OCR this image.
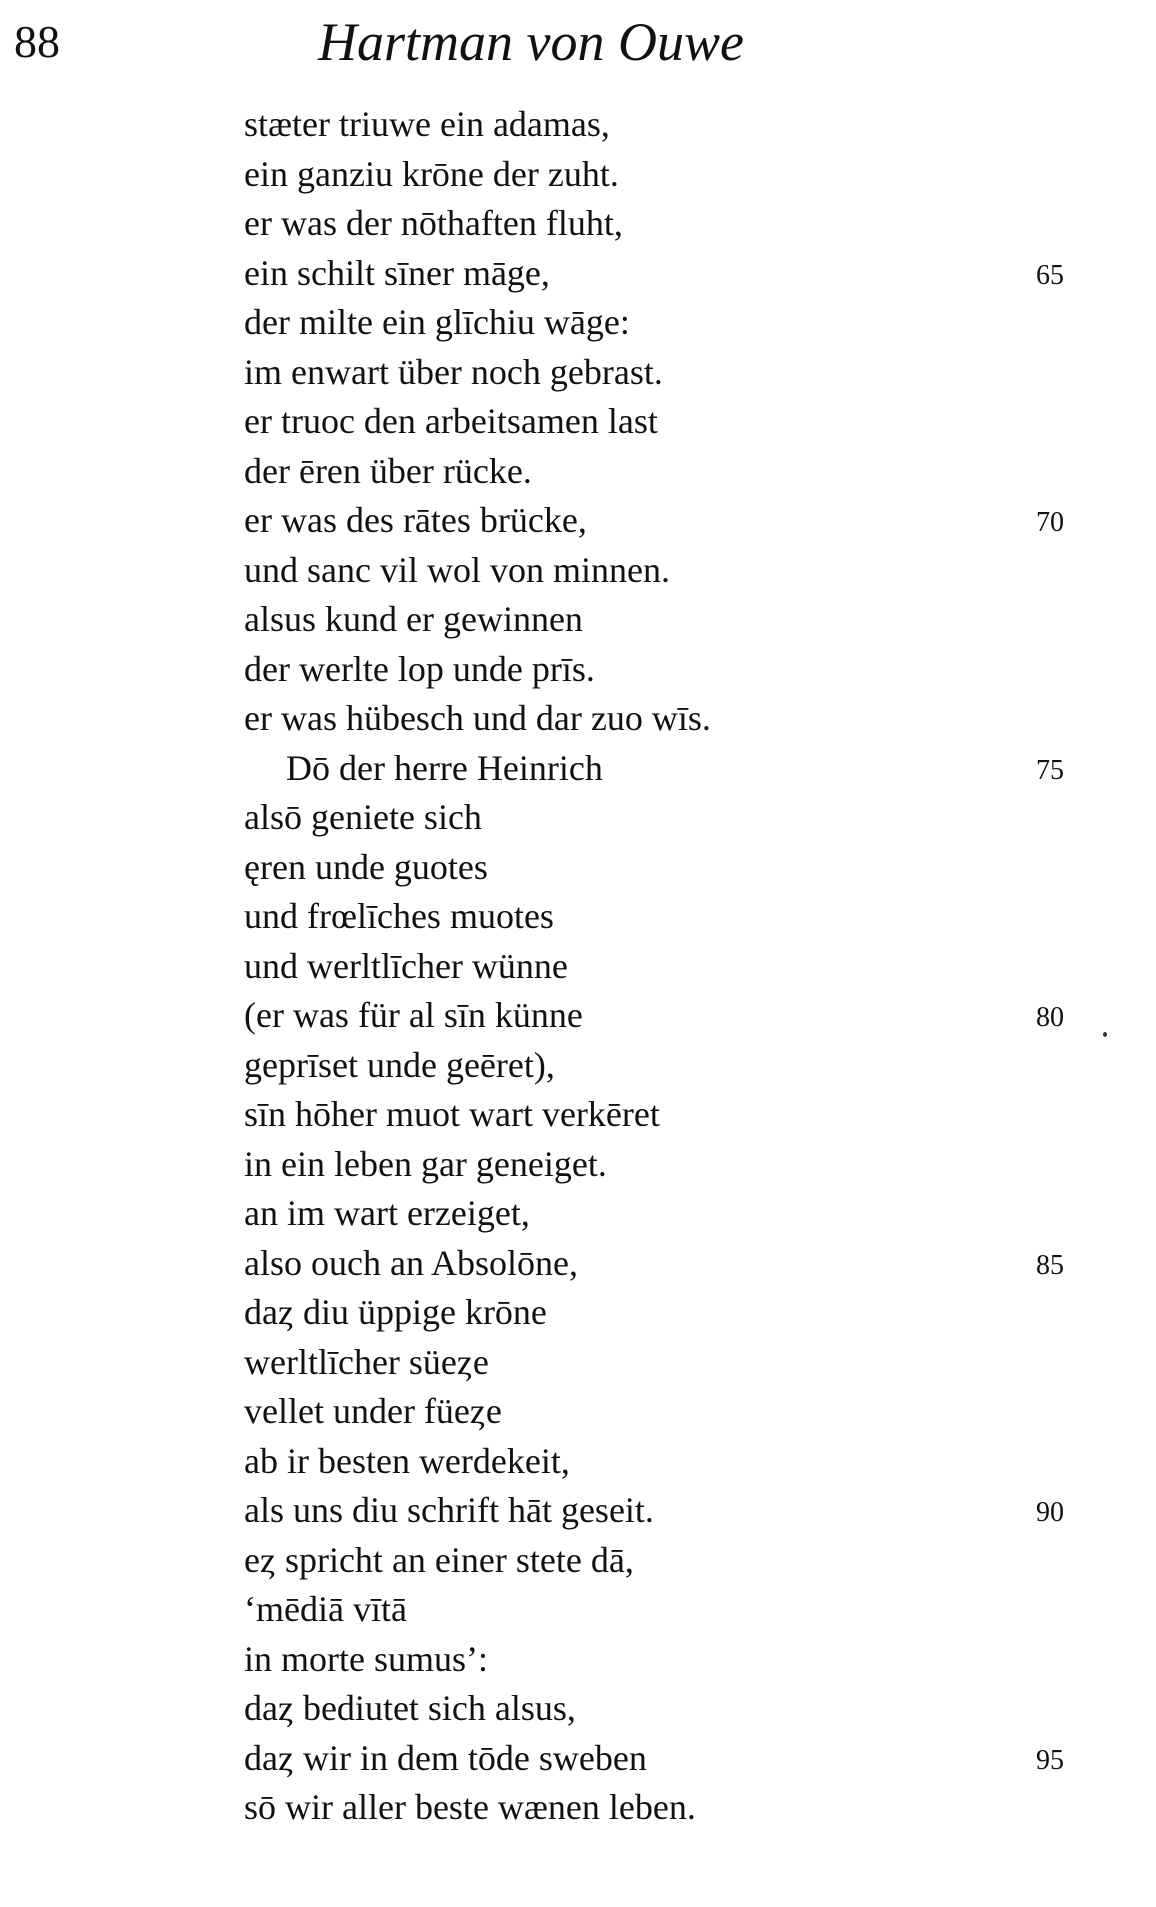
88	Hartman von Ouwe
stæter triuwe ein adamas,
ein ganziu krōne der zuht.
er was der nōthaften fluht,
ein schilt sīner māge,	65
der milte ein glīchiu wāge:
im enwart über noch gebrast.
er truoc den arbeitsamen last
der ēren über rücke.
er was des rātes brücke,	70
und sanc vil wol von minnen.
alsus kund er gewinnen
der werlte lop unde prīs.
er was hübesch und dar zuo wīs.
Dō der herre Heinrich	75
alsō geniete sich
ęren unde guotes
und frœlīches muotes
und werltlīcher wünne
(er was für al sīn künne	80
geprīset unde geēret),
sīn hōher muot wart verkēret
in ein leben gar geneiget.
an im wart erzeiget,
also ouch an Absolōne,	85
daȥ diu üppige krōne
werltlīcher süeȥe
vellet under füeȥe
ab ir besten werdekeit,
als uns diu schrift hāt geseit.	90
eȥ spricht an einer stete dā,
‘mēdiā vītā
in morte sumus’:
daȥ bediutet sich alsus,
daȥ wir in dem tōde sweben	95
sō wir aller beste wænen leben.
